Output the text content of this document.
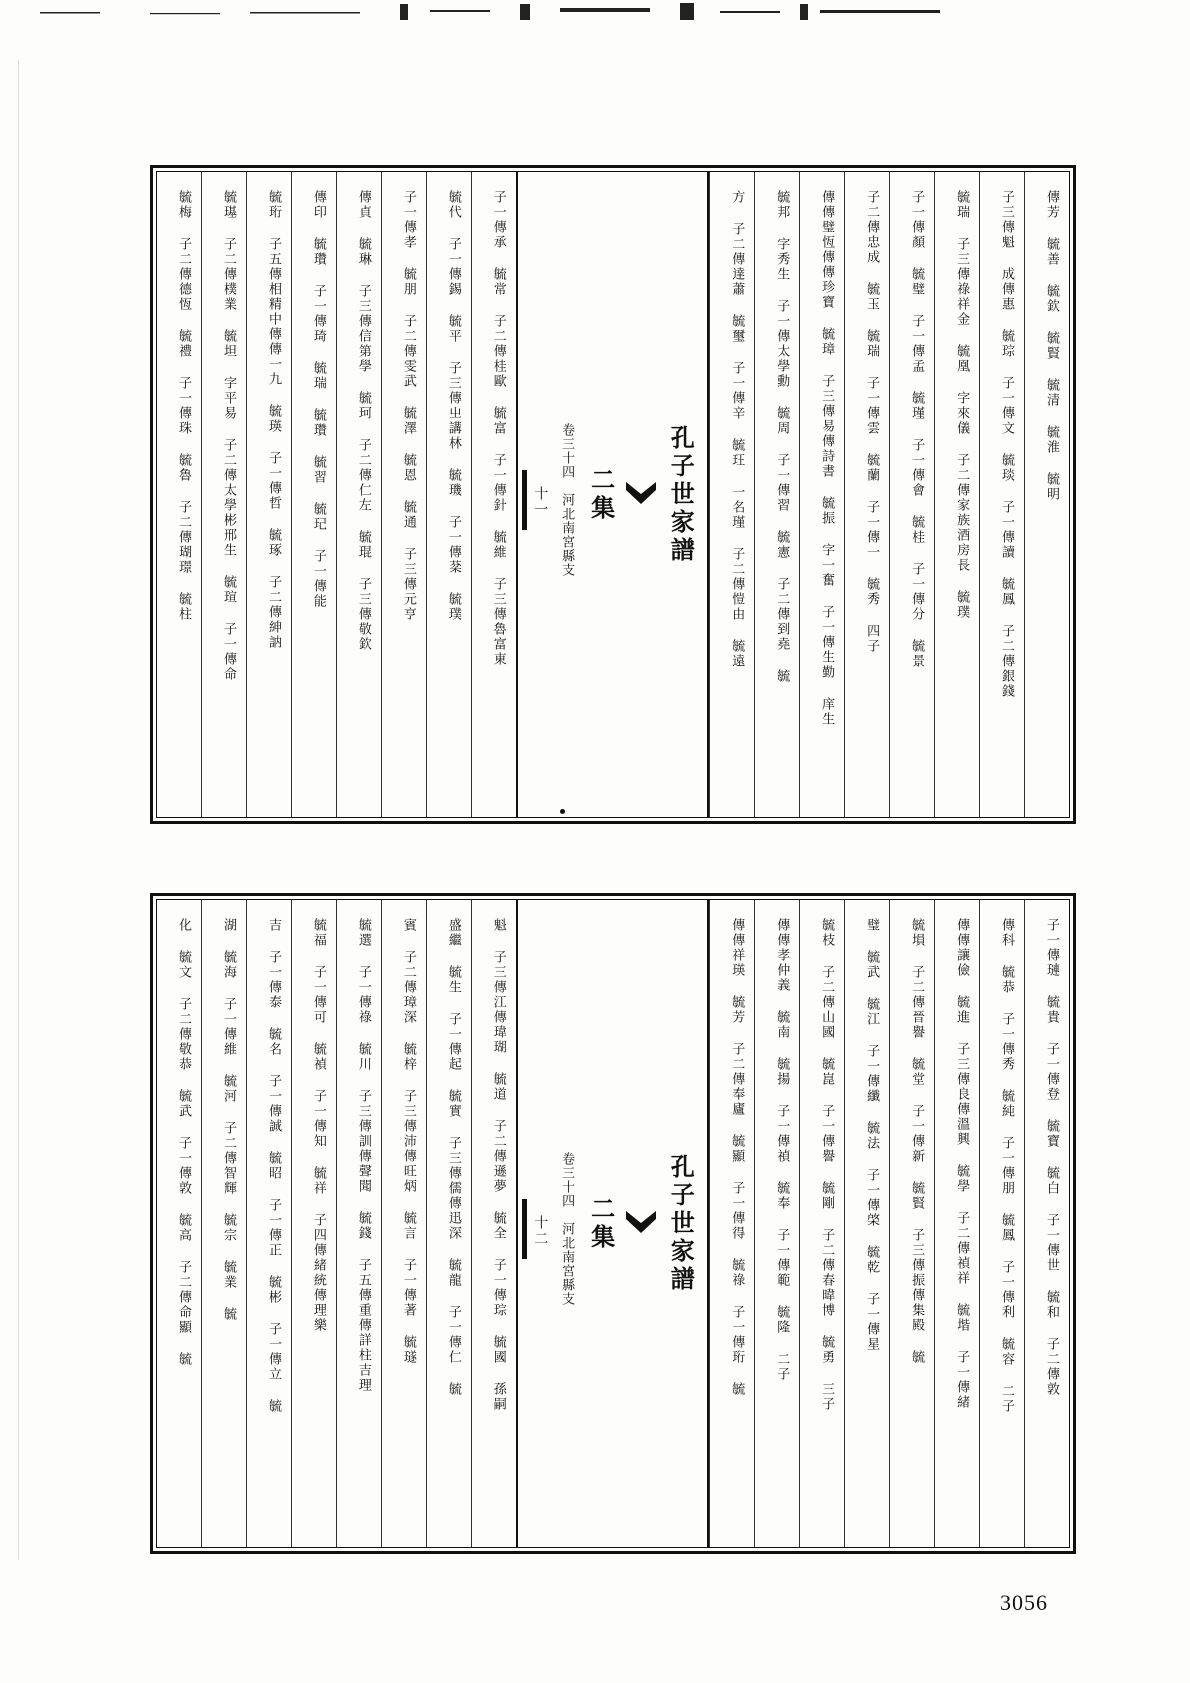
傳芳 毓善 毓欽 毓賢 毓清 毓淮 毓明
子三傳魁 成傳惠 毓琮 子一傳文 毓琰 子一傳讀 毓鳳 子二傳銀錢
毓瑞 子三傳祿祥金 毓凰 字來儀 子二傳家族酒房長 毓璞
子一傳顏 毓璧 子一傳孟 毓瑾 子一傳會 毓桂 子一傳分 毓景
子二傳忠成 毓玉 毓瑞 子一傳雲 毓蘭 子一傳一 毓秀 四子
傳傳璧恆傳傳珍寶 毓璋 子三傳易傳詩書 毓振 字一奮 子一傳生勤 庠生
毓邦 字秀生 子一傳太學勳 毓周 子一傳習 毓憲 子二傳到堯 毓
方 子二傳達蕭 毓璽 子一傳辛 毓玨 一名瑾 子二傳愷由 毓遠
孔子世家譜
二集
卷三十四　河北南宮縣支
十一
子一傳承 毓常 子二傳桂歐 毓富 子一傳針 毓維 子三傳魯富東
毓代 子一傳錫 毓平 子三傳㞢講林 毓璣 子一傳棻 毓璞
子一傳孝 毓朋 子二傳雯武 毓澤 毓恩 毓通 子三傳元亨
傳貞 毓琳 子三傳信第學 毓珂 子二傳仁左 毓琨 子三傳敬欽
傳印 毓瓚 子一傳琦 毓瑞 毓瓚 毓習 毓玘 子一傳能
毓珩 子五傳相精中傳傳一九 毓瑛 子一傳哲 毓琢 子二傳紳訥
毓璂 子二傳樸業 毓坦 字平易 子二傳太學彬邢生 毓瑄 子一傳命
毓梅 子二傳德恆 毓禮 子一傳珠 毓魯 子二傳瑚璟 毓柱
子一傳璉 毓貴 子一傳登 毓寶 毓白 子一傳世 毓和 子二傳敦
傳科 毓恭 子一傳秀 毓純 子一傳朋 毓鳳 子一傳利 毓容 二子
傳傳讓儉 毓進 子三傳良傳溫興 毓學 子二傳禎祥 毓堦 子一傳緒
毓塤 子二傳晉譽 毓堂 子一傳新 毓賢 子三傳振傳集殿 毓
璧 毓武 毓江 子一傳纖 毓法 子一傳棨 毓乾 子一傳星
毓枝 子二傳山國 毓崑 子一傳譽 毓剛 子二傳春暐博 毓勇 三子
傳傳孝仲義 毓南 毓揚 子一傳禎 毓奉 子一傳範 毓隆 二子
傳傳祥瑛 毓芳 子二傳奉廬 毓顯 子一傳得 毓祿 子一傳珩 毓
孔子世家譜
二集
卷三十四　河北南宮縣支
十二
魁 子三傳江傳瑋瑚 毓道 子二傳遜夢 毓全 子一傳琮 毓國 孫嗣
盛繼 毓生 子一傳起 毓實 子三傳儒傳迅深 毓龍 子一傳仁 毓
賓 子二傳璋深 毓梓 子三傳沛傳旺炳 毓言 子一傳著 毓璲
毓選 子一傳祿 毓川 子三傳訓傳聲聞 毓錢 子五傳重傳詳柱吉理
毓福 子一傳可 毓禎 子一傳知 毓祥 子四傳緒統傳理樂
吉 子一傳泰 毓名 子一傳誠 毓昭 子一傳正 毓彬 子一傳立 毓
湖 毓海 子一傳維 毓河 子二傳智輝 毓宗 毓業 毓
化 毓文 子二傳敬恭 毓武 子一傳敦 毓高 子二傳命顯 毓
3056
